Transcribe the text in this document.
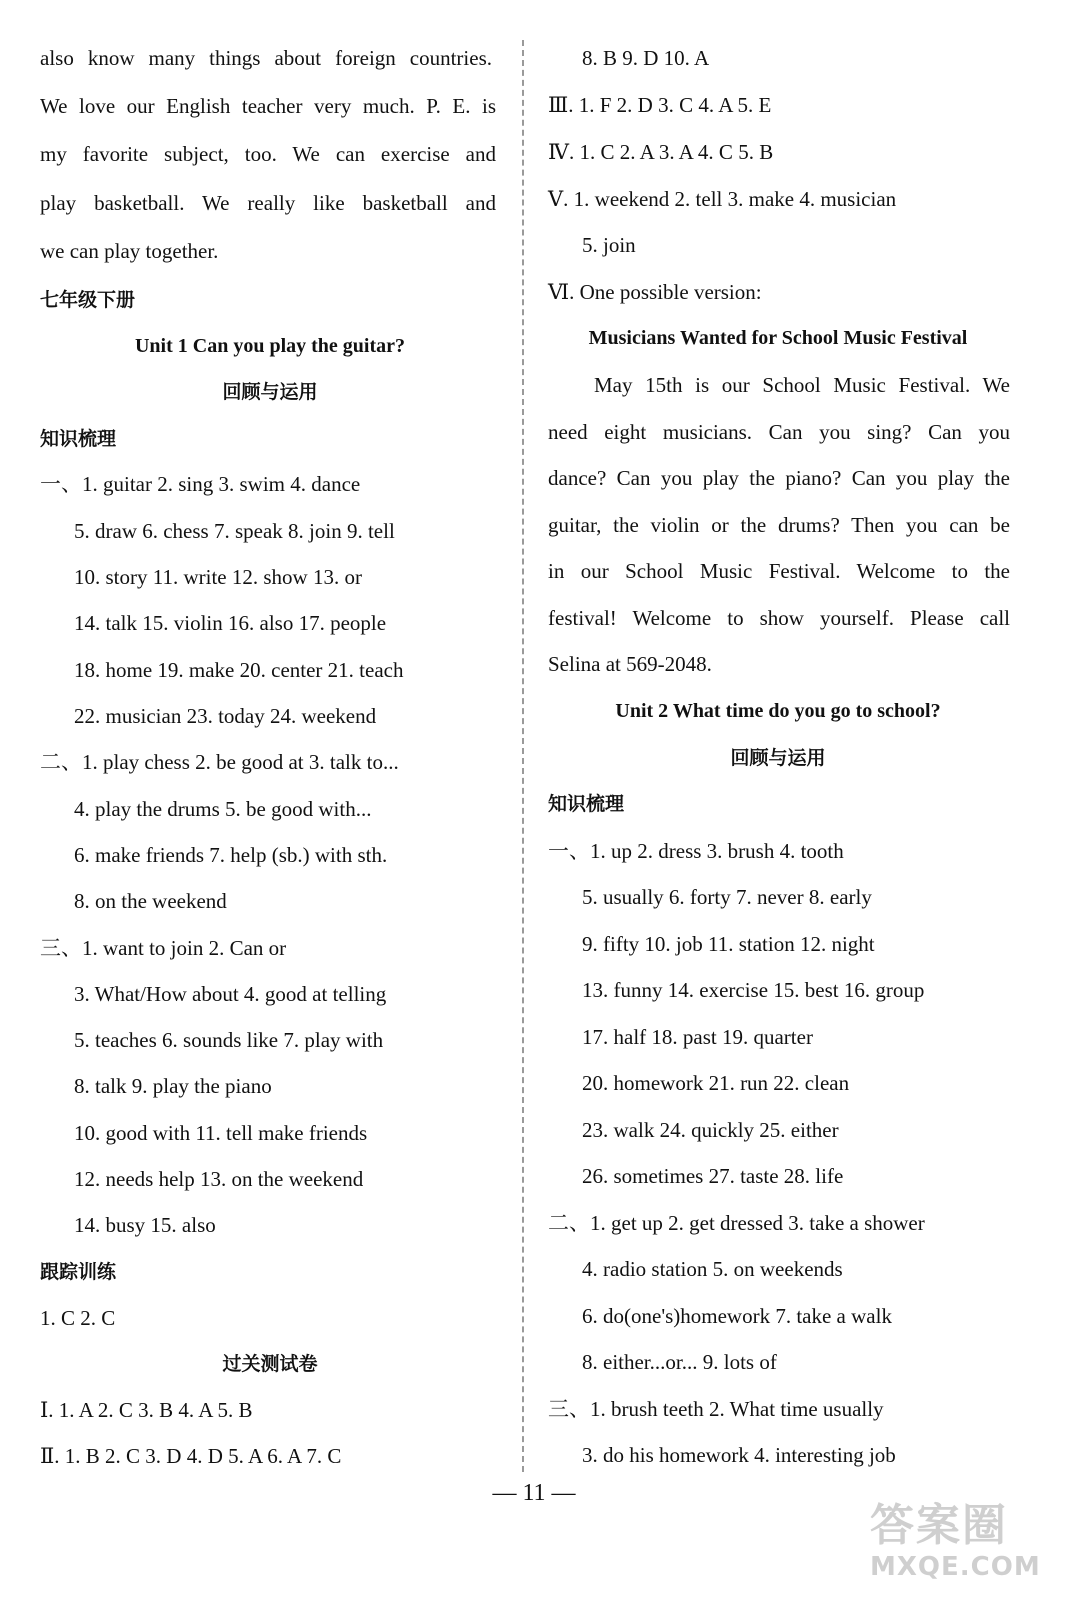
also know many things about foreign countries.
We love our English teacher very much. P. E. is
my favorite subject, too. We can exercise and
play basketball. We really like basketball and
we can play together.
七年级下册
Unit 1 Can you play the guitar?
回顾与运用
知识梳理
一、1. guitar 2. sing 3. swim 4. dance
5. draw 6. chess 7. speak 8. join 9. tell
10. story 11. write 12. show 13. or
14. talk 15. violin 16. also 17. people
18. home 19. make 20. center 21. teach
22. musician 23. today 24. weekend
二、1. play chess 2. be good at 3. talk to...
4. play the drums 5. be good with...
6. make friends 7. help (sb.) with sth.
8. on the weekend
三、1. want to join 2. Can or
3. What/How about 4. good at telling
5. teaches 6. sounds like 7. play with
8. talk 9. play the piano
10. good with 11. tell make friends
12. needs help 13. on the weekend
14. busy 15. also
跟踪训练
1. C 2. C
过关测试卷
Ⅰ. 1. A 2. C 3. B 4. A 5. B
Ⅱ. 1. B 2. C 3. D 4. D 5. A 6. A 7. C
8. B 9. D 10. A
Ⅲ. 1. F 2. D 3. C 4. A 5. E
Ⅳ. 1. C 2. A 3. A 4. C 5. B
Ⅴ. 1. weekend 2. tell 3. make 4. musician
5. join
Ⅵ. One possible version:
Musicians Wanted for School Music Festival
May 15th is our School Music Festival. We
need eight musicians. Can you sing? Can you
dance? Can you play the piano? Can you play the
guitar, the violin or the drums? Then you can be
in our School Music Festival. Welcome to the
festival! Welcome to show yourself. Please call
Selina at 569-2048.
Unit 2 What time do you go to school?
回顾与运用
知识梳理
一、1. up 2. dress 3. brush 4. tooth
5. usually 6. forty 7. never 8. early
9. fifty 10. job 11. station 12. night
13. funny 14. exercise 15. best 16. group
17. half 18. past 19. quarter
20. homework 21. run 22. clean
23. walk 24. quickly 25. either
26. sometimes 27. taste 28. life
二、1. get up 2. get dressed 3. take a shower
4. radio station 5. on weekends
6. do(one's)homework 7. take a walk
8. either...or... 9. lots of
三、1. brush teeth 2. What time usually
3. do his homework 4. interesting job
— 11 —
答案圈
MXQE.COM
